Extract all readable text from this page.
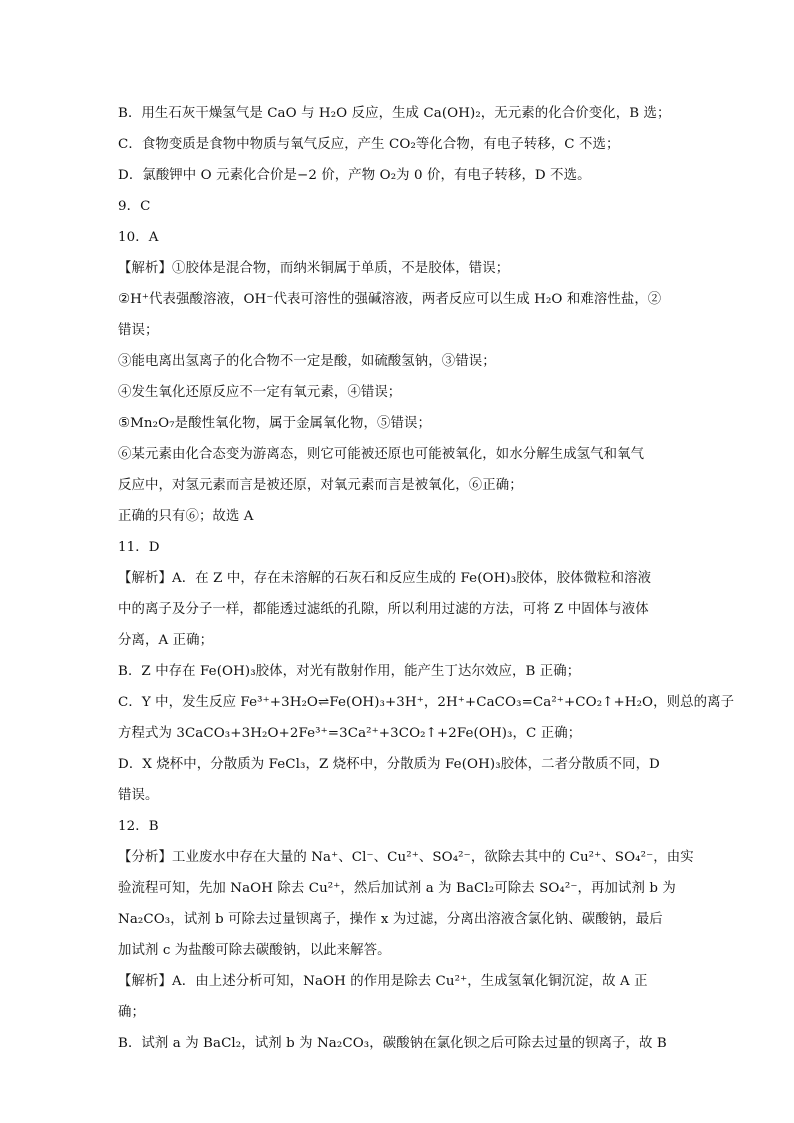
B．用生石灰干燥氢气是 CaO 与 H₂O 反应，生成 Ca(OH)₂，无元素的化合价变化，B 选；
C．食物变质是食物中物质与氧气反应，产生 CO₂等化合物，有电子转移，C 不选；
D．氯酸钾中 O 元素化合价是−2 价，产物 O₂为 0 价，有电子转移，D 不选。
9．C
10．A
【解析】①胶体是混合物，而纳米铜属于单质，不是胶体，错误；
②H⁺代表强酸溶液，OH⁻代表可溶性的强碱溶液，两者反应可以生成 H₂O 和难溶性盐，②
错误；
③能电离出氢离子的化合物不一定是酸，如硫酸氢钠，③错误；
④发生氧化还原反应不一定有氧元素，④错误；
⑤Mn₂O₇是酸性氧化物，属于金属氧化物，⑤错误；
⑥某元素由化合态变为游离态，则它可能被还原也可能被氧化，如水分解生成氢气和氧气
反应中，对氢元素而言是被还原，对氧元素而言是被氧化，⑥正确；
正确的只有⑥；故选 A
11．D
【解析】A．在 Z 中，存在未溶解的石灰石和反应生成的 Fe(OH)₃胶体，胶体微粒和溶液
中的离子及分子一样，都能透过滤纸的孔隙，所以利用过滤的方法，可将 Z 中固体与液体
分离，A 正确；
B．Z 中存在 Fe(OH)₃胶体，对光有散射作用，能产生丁达尔效应，B 正确；
C．Y 中，发生反应 Fe³⁺+3H₂O⇌Fe(OH)₃+3H⁺，2H⁺+CaCO₃=Ca²⁺+CO₂↑+H₂O，则总的离子
方程式为 3CaCO₃+3H₂O+2Fe³⁺=3Ca²⁺+3CO₂↑+2Fe(OH)₃，C 正确；
D．X 烧杯中，分散质为 FeCl₃，Z 烧杯中，分散质为 Fe(OH)₃胶体，二者分散质不同，D
错误。
12．B
【分析】工业废水中存在大量的 Na⁺、Cl⁻、Cu²⁺、SO₄²⁻，欲除去其中的 Cu²⁺、SO₄²⁻，由实
验流程可知，先加 NaOH 除去 Cu²⁺，然后加试剂 a 为 BaCl₂可除去 SO₄²⁻，再加试剂 b 为
Na₂CO₃，试剂 b 可除去过量钡离子，操作 x 为过滤，分离出溶液含氯化钠、碳酸钠，最后
加试剂 c 为盐酸可除去碳酸钠，以此来解答。
【解析】A．由上述分析可知，NaOH 的作用是除去 Cu²⁺，生成氢氧化铜沉淀，故 A 正
确；
B．试剂 a 为 BaCl₂，试剂 b 为 Na₂CO₃，碳酸钠在氯化钡之后可除去过量的钡离子，故 B
